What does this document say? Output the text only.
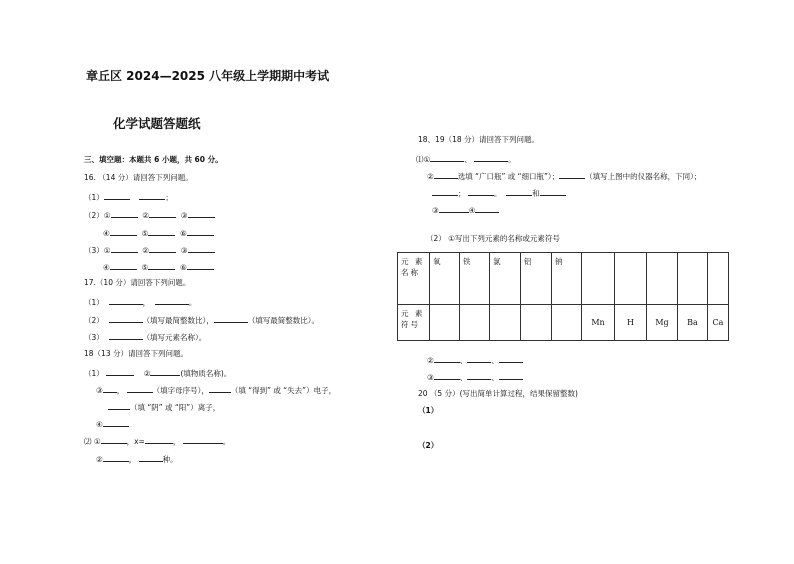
章丘区 2024—2025 八年级上学期期中考试
化学试题答题纸
三、填空题：本题共 6 小题，共 60 分。
16. （14 分）请回答下列问题。
（1）	；
（2）①	②	③
④	⑤	⑥
（3）①	②	③
④	⑤	⑥
17.（10 分）请回答下列问题。
（1）	，	。
（2）	（填写最简整数比），	（填写最简整数比）。
（3）	（填写元素名称）。
18（13 分）请回答下列问题。
（1）	②	(填物质名称)。
③ ，	（填字母序号），	（填 “得到” 或 “失去”）电子，
（填 “阴” 或 “阳”）离子，
④
⑵ ①	，x=	，	。
②	，	种。
18、19（18 分）请回答下列问题。
⑴①	、	。
②	选填 “广口瓶” 或 “细口瓶”）；	（填写上图中的仪器名称，下同）；
；	。	和
③	④
（2） ①写出下列元素的名称或元素符号
元 素 名称	氧	铁	氯	铝	钠					
元 素 符号						Mn	H	Mg	Ba	Ca
②	、	、
③	、	、
20 （5 分）(写出简单计算过程，结果保留整数)
（1）
（2）
